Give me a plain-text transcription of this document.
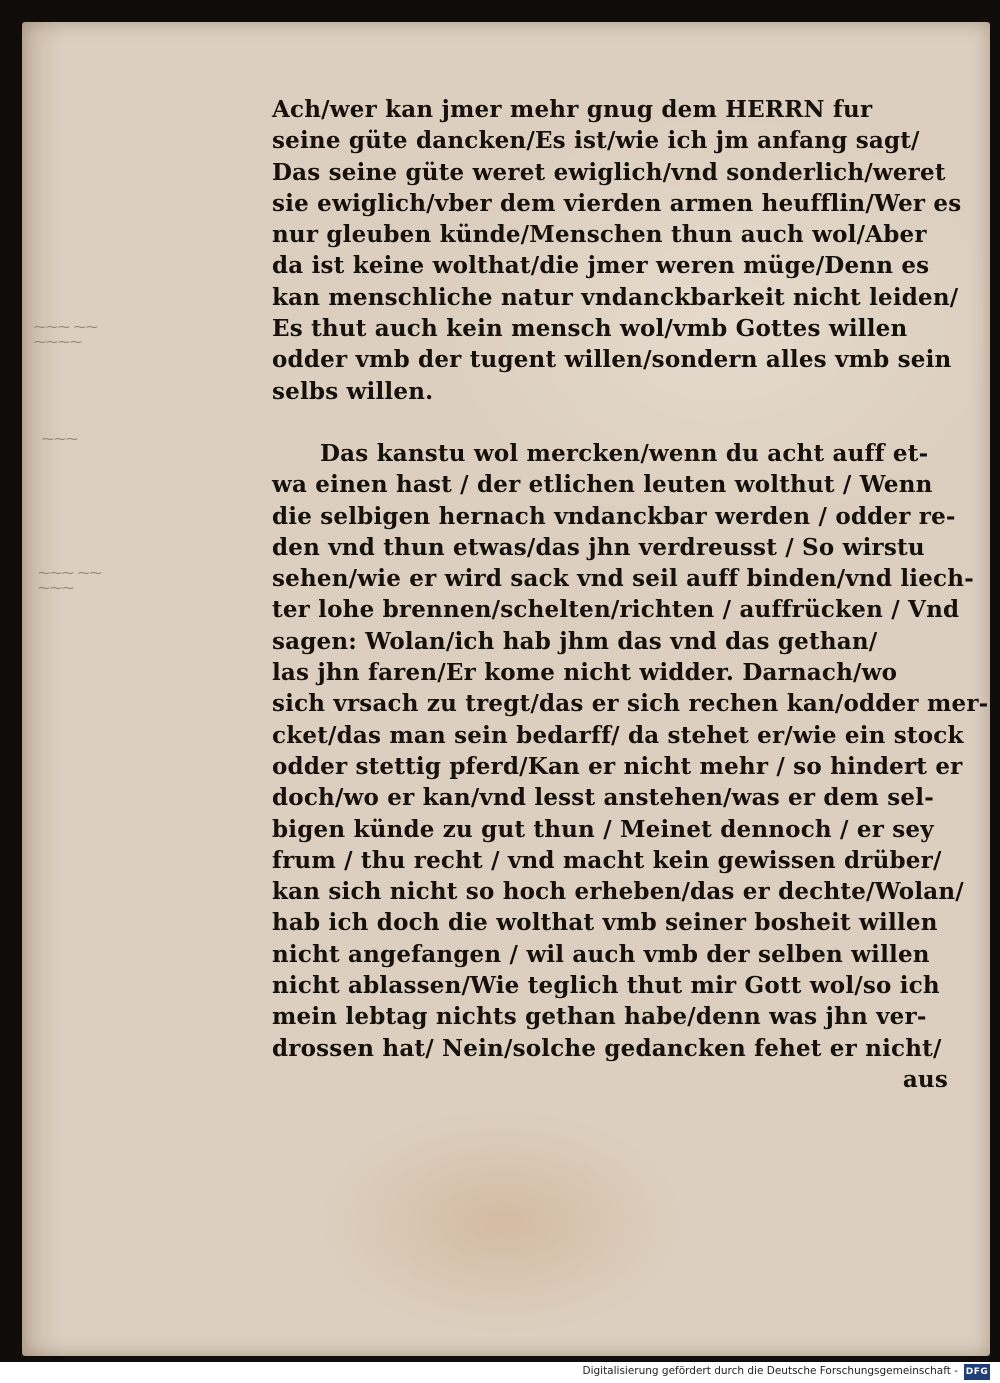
⁓⁓⁓ ⁓⁓
⁓⁓⁓⁓
⁓⁓⁓
⁓⁓⁓ ⁓⁓
⁓⁓⁓
Ach/wer kan jmer mehr gnug dem HERRN fur
seine güte dancken/Es ist/wie ich jm anfang sagt/
Das seine güte weret ewiglich/vnd sonderlich/weret
sie ewiglich/vber dem vierden armen heufflin/Wer es
nur gleuben künde/Menschen thun auch wol/Aber
da ist keine wolthat/die jmer weren müge/Denn es
kan menschliche natur vndanckbarkeit nicht leiden/
Es thut auch kein mensch wol/vmb Gottes willen
odder vmb der tugent willen/sondern alles vmb sein
selbs willen.
Das kanstu wol mercken/wenn du acht auff et-
wa einen hast / der etlichen leuten wolthut / Wenn
die selbigen hernach vndanckbar werden / odder re-
den vnd thun etwas/das jhn verdreusst / So wirstu
sehen/wie er wird sack vnd seil auff binden/vnd liech-
ter lohe brennen/schelten/richten / auffrücken / Vnd
sagen: Wolan/ich hab jhm das vnd das gethan/
las jhn faren/Er kome nicht widder. Darnach/wo
sich vrsach zu tregt/das er sich rechen kan/odder mer-
cket/das man sein bedarff/ da stehet er/wie ein stock
odder stettig pferd/Kan er nicht mehr / so hindert er
doch/wo er kan/vnd lesst anstehen/was er dem sel-
bigen künde zu gut thun / Meinet dennoch / er sey
frum / thu recht / vnd macht kein gewissen drüber/
kan sich nicht so hoch erheben/das er dechte/Wolan/
hab ich doch die wolthat vmb seiner bosheit willen
nicht angefangen / wil auch vmb der selben willen
nicht ablassen/Wie teglich thut mir Gott wol/so ich
mein lebtag nichts gethan habe/denn was jhn ver-
drossen hat/ Nein/solche gedancken fehet er nicht/
aus
Digitalisierung gefördert durch die Deutsche Forschungsgemeinschaft - DFG
